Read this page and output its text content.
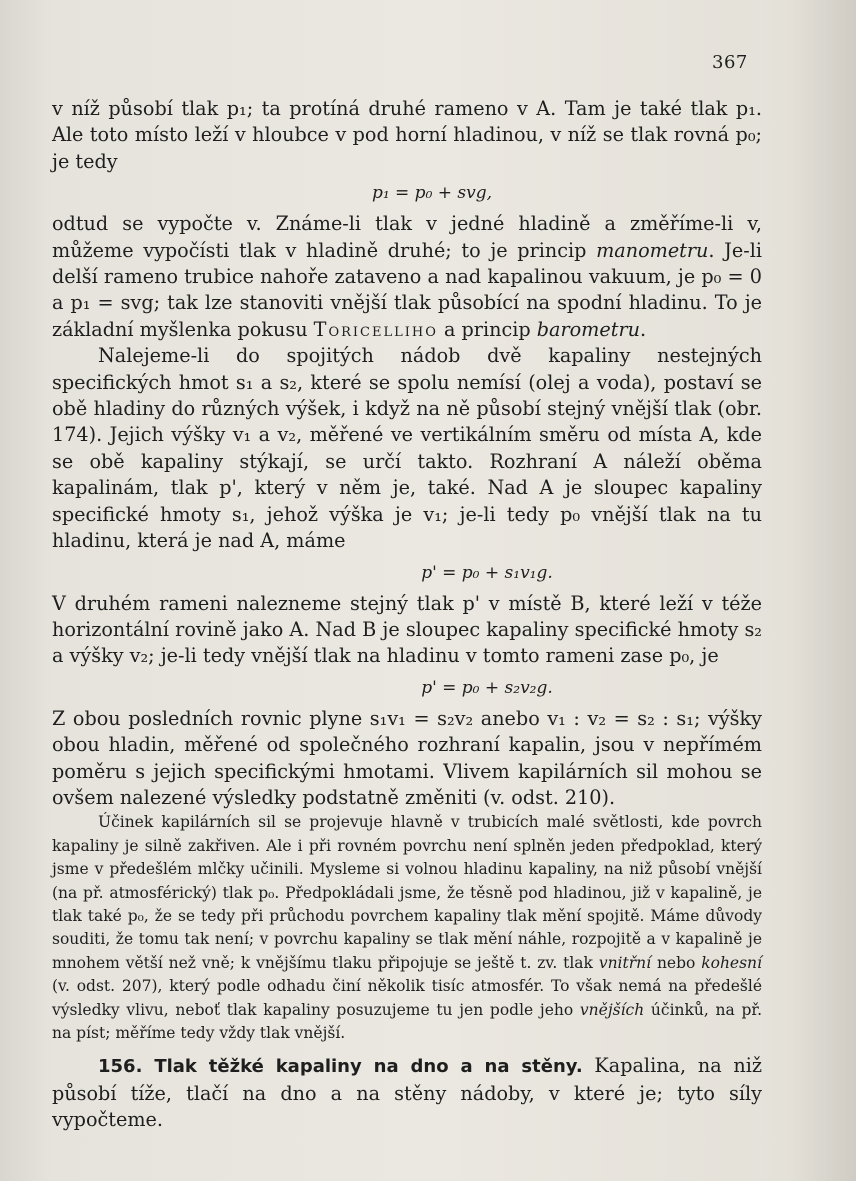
367

v níž působí tlak p₁; ta protíná druhé rameno v A. Tam je také tlak p₁. Ale toto místo leží v hloubce v pod horní hladinou, v níž se tlak rovná p₀; je tedy

p₁ = p₀ + svg,

odtud se vypočte v. Známe-li tlak v jedné hladině a změříme-li v, můžeme vypočísti tlak v hladině druhé; to je princip manometru. Je-li delší rameno trubice nahoře zataveno a nad kapalinou vakuum, je p₀ = 0 a p₁ = svg; tak lze stanoviti vnější tlak působící na spodní hladinu. To je základní myšlenka pokusu Toricelliho a princip barometru.

Nalejeme-li do spojitých nádob dvě kapaliny nestejných specifických hmot s₁ a s₂, které se spolu nemísí (olej a voda), postaví se obě hladiny do různých výšek, i když na ně působí stejný vnější tlak (obr. 174). Jejich výšky v₁ a v₂, měřené ve vertikálním směru od místa A, kde se obě kapaliny stýkají, se určí takto. Rozhraní A náleží oběma kapalinám, tlak p', který v něm je, také. Nad A je sloupec kapaliny specifické hmoty s₁, jehož výška je v₁; je-li tedy p₀ vnější tlak na tu hladinu, která je nad A, máme

p' = p₀ + s₁v₁g.

V druhém rameni nalezneme stejný tlak p' v místě B, které leží v téže horizontální rovině jako A. Nad B je sloupec kapaliny specifické hmoty s₂ a výšky v₂; je-li tedy vnější tlak na hladinu v tomto rameni zase p₀, je

p' = p₀ + s₂v₂g.

Z obou posledních rovnic plyne s₁v₁ = s₂v₂ anebo v₁ : v₂ = s₂ : s₁; výšky obou hladin, měřené od společného rozhraní kapalin, jsou v nepřímém poměru s jejich specifickými hmotami. Vlivem kapilárních sil mohou se ovšem nalezené výsledky podstatně změniti (v. odst. 210).

Účinek kapilárních sil se projevuje hlavně v trubicích malé světlosti, kde povrch kapaliny je silně zakřiven. Ale i při rovném povrchu není splněn jeden předpoklad, který jsme v předešlém mlčky učinili. Mysleme si volnou hladinu kapaliny, na niž působí vnější (na př. atmosférický) tlak p₀. Předpokládali jsme, že těsně pod hladinou, již v kapalině, je tlak také p₀, že se tedy při průchodu povrchem kapaliny tlak mění spojitě. Máme důvody souditi, že tomu tak není; v povrchu kapaliny se tlak mění náhle, rozpojitě a v kapalině je mnohem větší než vně; k vnějšímu tlaku připojuje se ještě t. zv. tlak vnitřní nebo kohesní (v. odst. 207), který podle odhadu činí několik tisíc atmosfér. To však nemá na předešlé výsledky vlivu, neboť tlak kapaliny posuzujeme tu jen podle jeho vnějších účinků, na př. na píst; měříme tedy vždy tlak vnější.

156. Tlak těžké kapaliny na dno a na stěny. Kapalina, na niž působí tíže, tlačí na dno a na stěny nádoby, v které je; tyto síly vypočteme.
